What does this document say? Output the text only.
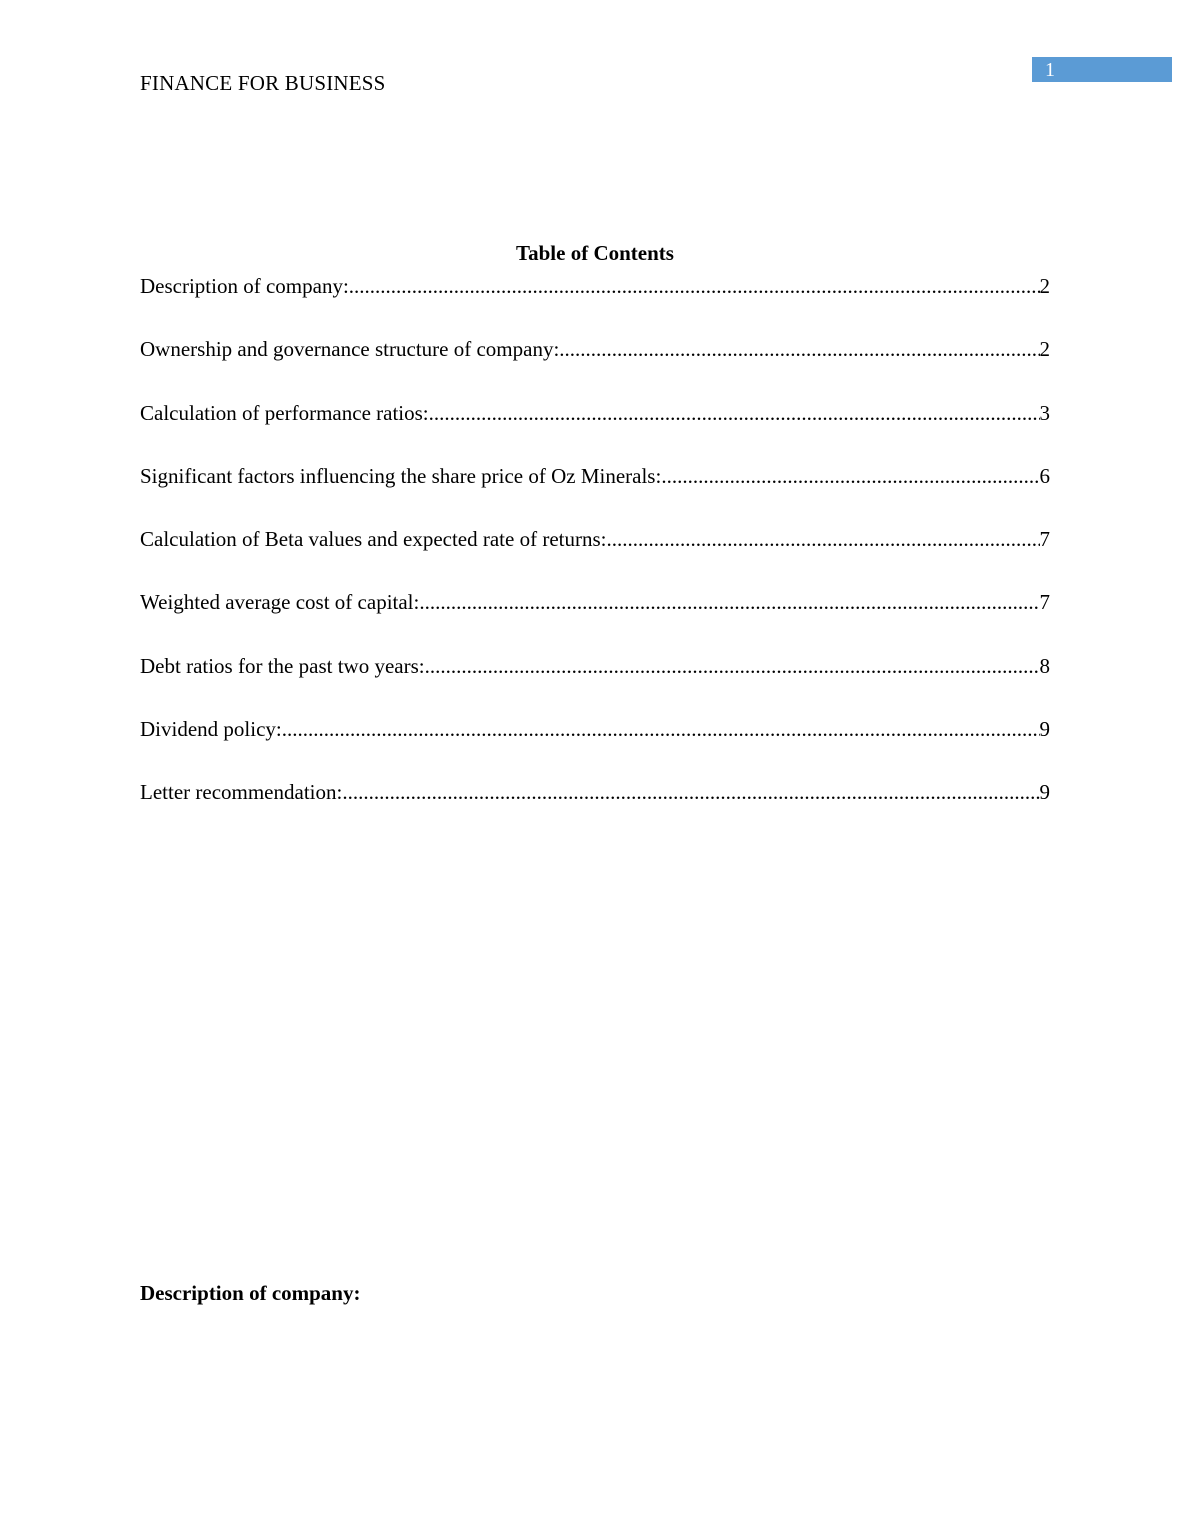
FINANCE FOR BUSINESS
1
Table of Contents
Description of company: .....	2
Ownership and governance structure of company: .....	2
Calculation of performance ratios: .....	3
Significant factors influencing the share price of Oz Minerals: .....	6
Calculation of Beta values and expected rate of returns: .....	7
Weighted average cost of capital: .....	7
Debt ratios for the past two years: .....	8
Dividend policy: .....	9
Letter recommendation: .....	9
Description of company:
